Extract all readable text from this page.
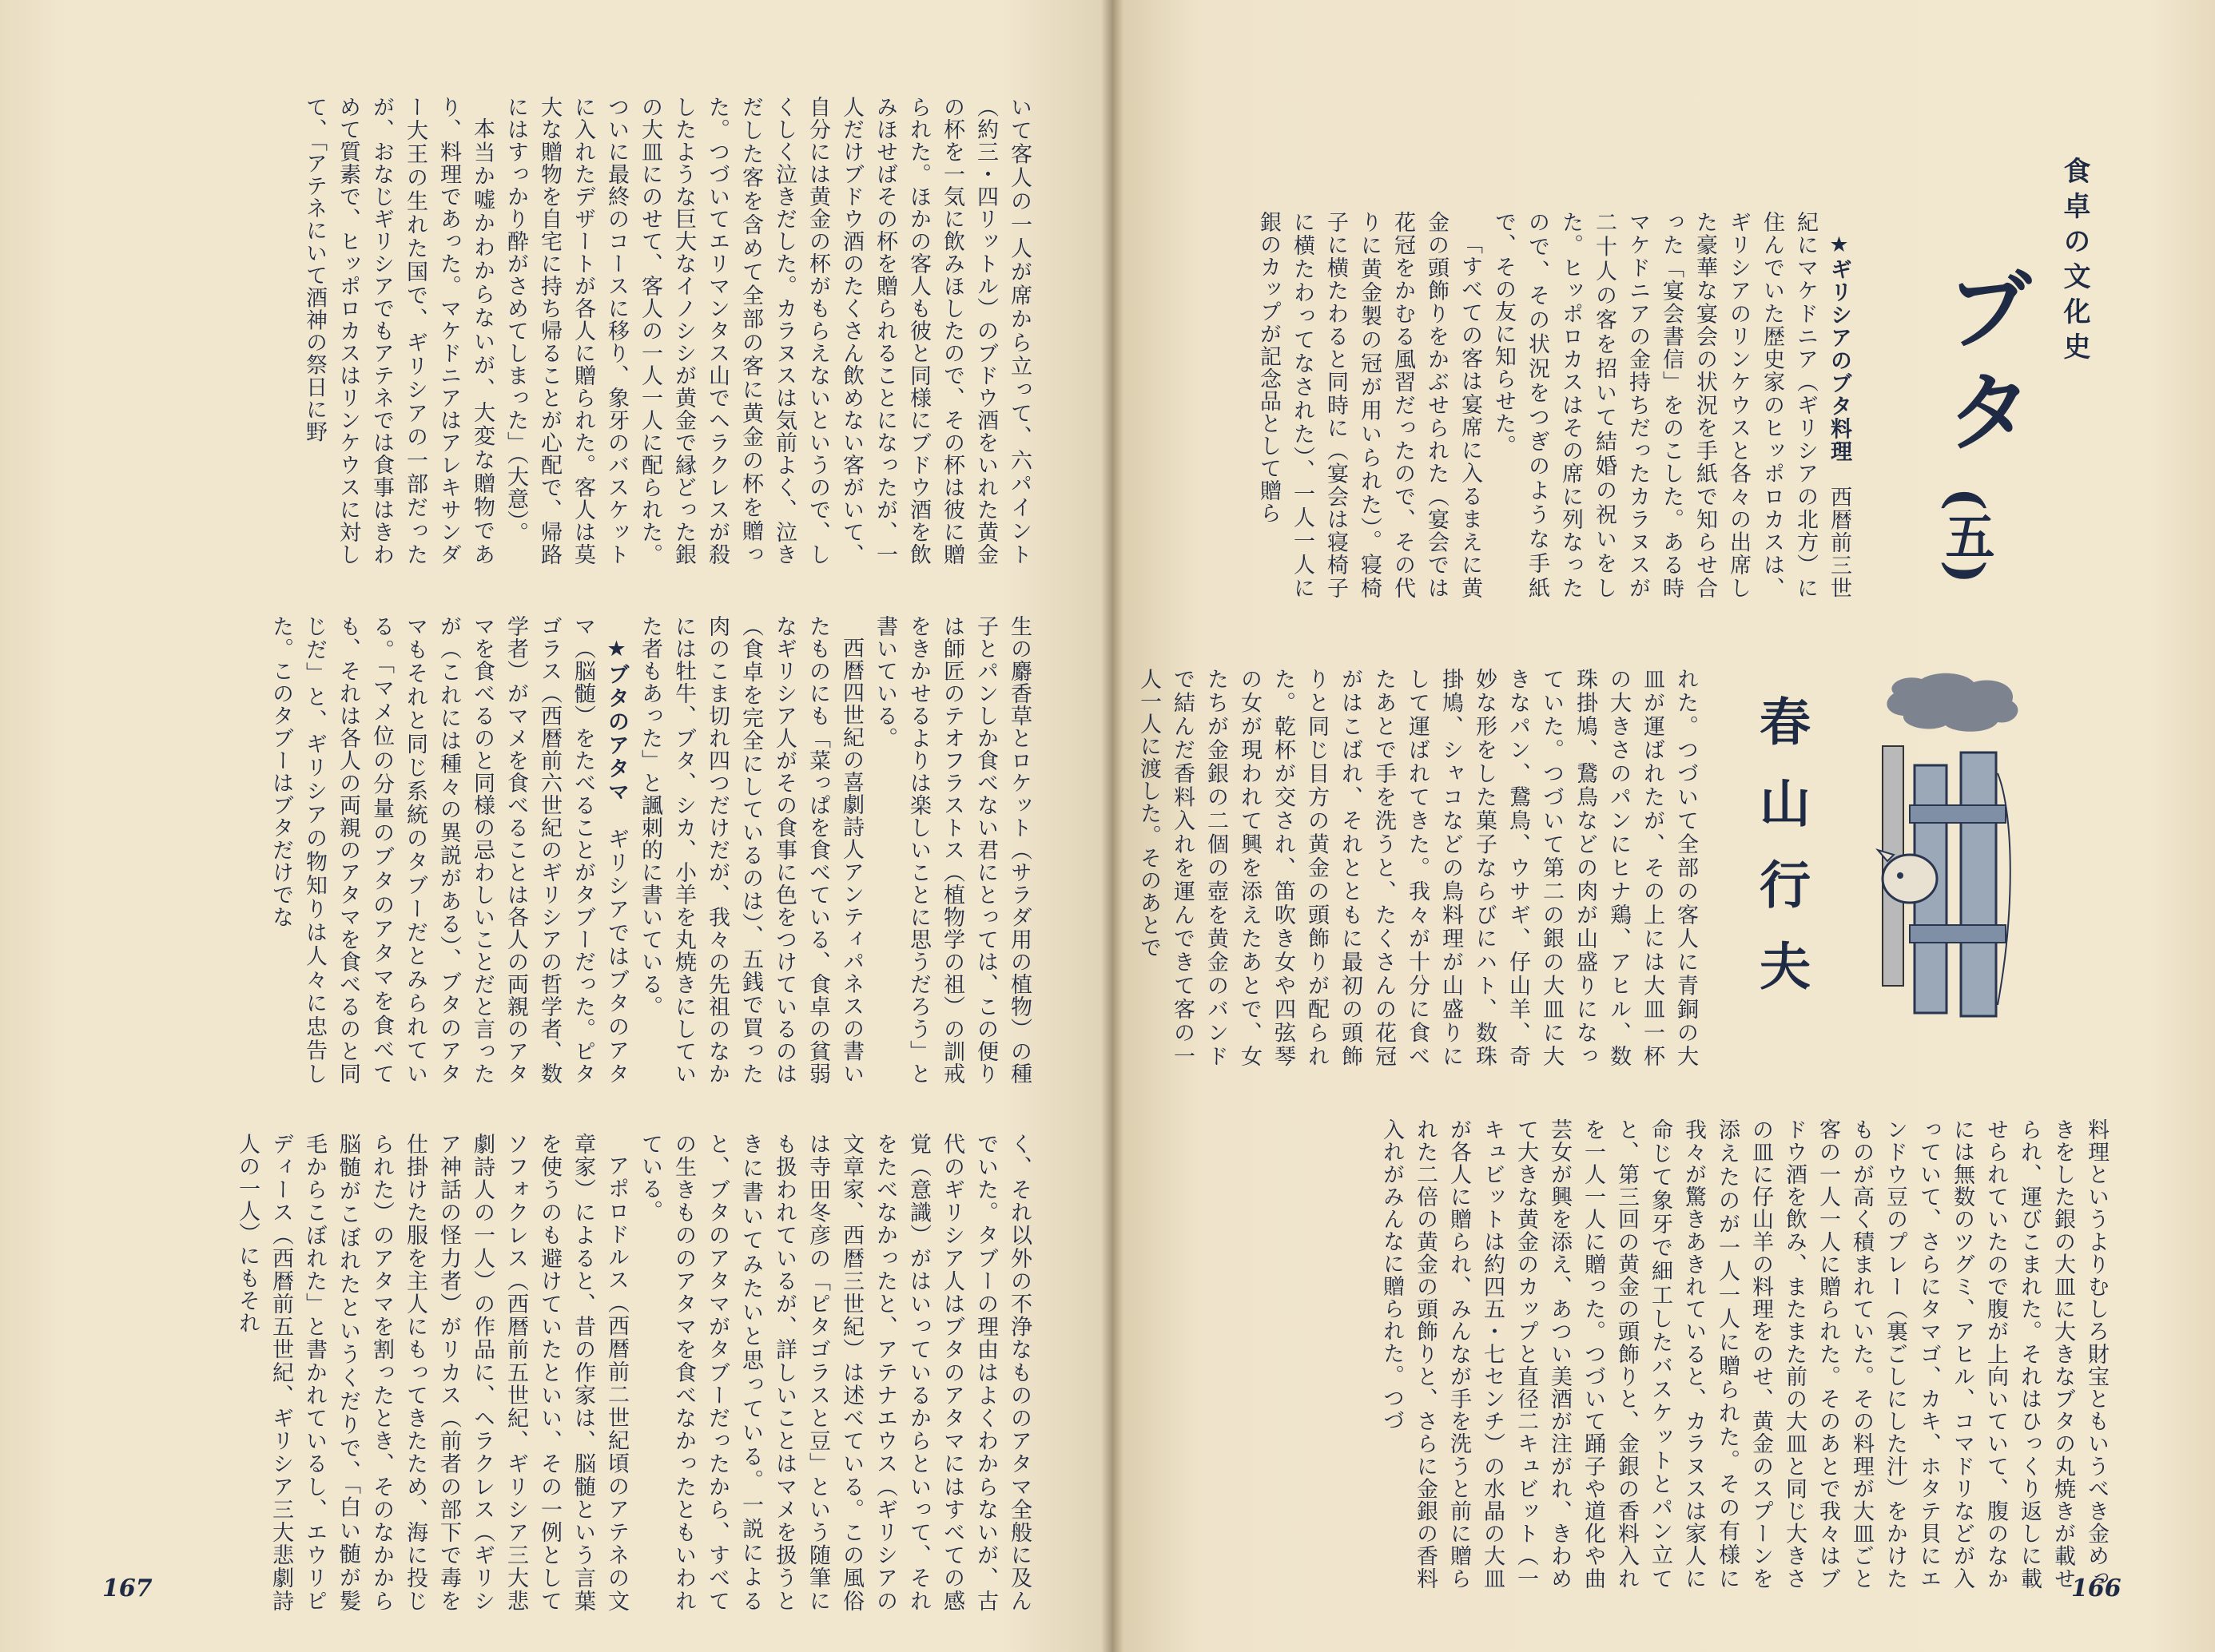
いて客人の一人が席から立って、六パイント（約三・四リットル）のブドウ酒をいれた黄金の杯を一気に飲みほしたので、その杯は彼に贈られた。ほかの客人も彼と同様にブドウ酒を飲みほせばその杯を贈られることになったが、一人だけブドウ酒のたくさん飲めない客がいて、自分には黄金の杯がもらえないというので、しくしく泣きだした。カラヌスは気前よく、泣きだした客を含めて全部の客に黄金の杯を贈った。つづいてエリマンタス山でヘラクレスが殺したような巨大なイノシシが黄金で縁どった銀の大皿にのせて、客人の一人一人に配られた。ついに最終のコースに移り、象牙のバスケットに入れたデザートが各人に贈られた。客人は莫大な贈物を自宅に持ち帰ることが心配で、帰路にはすっかり酔がさめてしまった」（大意）。

本当か嘘かわからないが、大変な贈物であり、料理であった。マケドニアはアレキサンダー大王の生れた国で、ギリシアの一部だったが、おなじギリシアでもアテネでは食事はきわめて質素で、ヒッポロカスはリンケウスに対して、「アテネにいて酒神の祭日に野

生の麝香草とロケット（サラダ用の植物）の種子とパンしか食べない君にとっては、この便りは師匠のテオフラストス（植物学の祖）の訓戒をきかせるよりは楽しいことに思うだろう」と書いている。

西暦四世紀の喜劇詩人アンティパネスの書いたものにも「菜っぱを食べている、食卓の貧弱なギリシア人がその食事に色をつけているのは（食卓を完全にしているのは）、五銭で買った肉のこま切れ四つだけだが、我々の先祖のなかには牡牛、ブタ、シカ、小羊を丸焼きにしていた者もあった」と諷刺的に書いている。

★ブタのアタマ　ギリシアではブタのアタマ（脳髄）をたべることがタブーだった。ピタゴラス（西暦前六世紀のギリシアの哲学者、数学者）がマメを食べることは各人の両親のアタマを食べるのと同様の忌わしいことだと言ったが（これには種々の異説がある）、ブタのアタマもそれと同じ系統のタブーだとみられている。「マメ位の分量のブタのアタマを食べても、それは各人の両親のアタマを食べるのと同じだ」と、ギリシアの物知りは人々に忠告した。このタブーはブタだけでな

く、それ以外の不浄なもののアタマ全般に及んでいた。タブーの理由はよくわからないが、古代のギリシア人はブタのアタマにはすべての感覚（意識）がはいっているからといって、それをたべなかったと、アテナエウス（ギリシアの文章家、西暦三世紀）は述べている。この風俗は寺田冬彦の「ピタゴラスと豆」という随筆にも扱われているが、詳しいことはマメを扱うときに書いてみたいと思っている。一説によると、ブタのアタマがタブーだったから、すべての生きもののアタマを食べなかったともいわれている。

アポロドルス（西暦前二世紀頃のアテネの文章家）によると、昔の作家は、脳髄という言葉を使うのも避けていたといい、その一例としてソフォクレス（西暦前五世紀、ギリシア三大悲劇詩人の一人）の作品に、ヘラクレス（ギリシア神話の怪力者）がリカス（前者の部下で毒を仕掛けた服を主人にもってきたため、海に投じられた）のアタマを割ったとき、そのなかから脳髄がこぼれたというくだりで、「白い髄が髪毛からこぼれた」と書かれているし、エウリピディース（西暦前五世紀、ギリシア三大悲劇詩人の一人）にもそれ

167
食卓の文化史
ブタ
(五)

★ギリシアのブタ料理　西暦前三世紀にマケドニア（ギリシアの北方）に住んでいた歴史家のヒッポロカスは、ギリシアのリンケウスと各々の出席した豪華な宴会の状況を手紙で知らせ合った「宴会書信」をのこした。ある時マケドニアの金持ちだったカラヌスが二十人の客を招いて結婚の祝いをした。ヒッポロカスはその席に列なったので、その状況をつぎのような手紙で、その友に知らせた。

「すべての客は宴席に入るまえに黄金の頭飾りをかぶせられた（宴会では花冠をかむる風習だったので、その代りに黄金製の冠が用いられた）。寝椅子に横たわると同時に（宴会は寝椅子に横たわってなされた）、一人一人に銀のカップが記念品として贈ら

春山行夫

れた。つづいて全部の客人に青銅の大皿が運ばれたが、その上には大皿一杯の大きさのパンにヒナ鶏、アヒル、数珠掛鳩、鵞鳥などの肉が山盛りになっていた。つづいて第二の銀の大皿に大きなパン、鵞鳥、ウサギ、仔山羊、奇妙な形をした菓子ならびにハト、数珠掛鳩、シャコなどの鳥料理が山盛りにして運ばれてきた。我々が十分に食べたあとで手を洗うと、たくさんの花冠がはこばれ、それとともに最初の頭飾りと同じ目方の黄金の頭飾りが配られた。乾杯が交され、笛吹き女や四弦琴の女が現われて興を添えたあとで、女たちが金銀の二個の壺を黄金のバンドで結んだ香料入れを運んできて客の一人一人に渡した。そのあとで

料理というよりむしろ財宝ともいうべき金めっきをした銀の大皿に大きなブタの丸焼きが載せられ、運びこまれた。それはひっくり返しに載せられていたので腹が上向いていて、腹のなかには無数のツグミ、アヒル、コマドリなどが入っていて、さらにタマゴ、カキ、ホタテ貝にエンドウ豆のプレー（裏ごしにした汁）をかけたものが高く積まれていた。その料理が大皿ごと客の一人一人に贈られた。そのあとで我々はブドウ酒を飲み、またまた前の大皿と同じ大きさの皿に仔山羊の料理をのせ、黄金のスプーンを添えたのが一人一人に贈られた。その有様に我々が驚きあきれていると、カラヌスは家人に命じて象牙で細工したバスケットとパン立てと、第三回の黄金の頭飾りと、金銀の香料入れを一人一人に贈った。つづいて踊子や道化や曲芸女が興を添え、あつい美酒が注がれ、きわめて大きな黄金のカップと直径二キュビット（一キュビットは約四五・七センチ）の水晶の大皿が各人に贈られ、みんなが手を洗うと前に贈られた二倍の黄金の頭飾りと、さらに金銀の香料入れがみんなに贈られた。つづ

166
